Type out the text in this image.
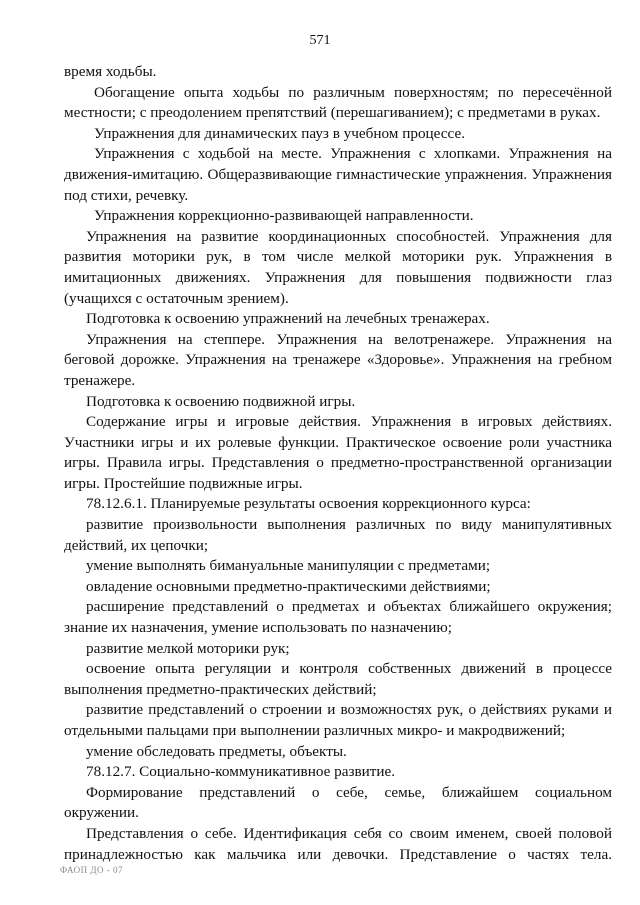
571

время ходьбы.

Обогащение опыта ходьбы по различным поверхностям; по пересечённой местности; с преодолением препятствий (перешагиванием); с предметами в руках.

Упражнения для динамических пауз в учебном процессе.

Упражнения с ходьбой на месте. Упражнения с хлопками. Упражнения на движения-имитацию. Общеразвивающие гимнастические упражнения. Упражнения под стихи, речевку.

Упражнения коррекционно-развивающей направленности.

Упражнения на развитие координационных способностей. Упражнения для развития моторики рук, в том числе мелкой моторики рук. Упражнения в имитационных движениях. Упражнения для повышения подвижности глаз (учащихся с остаточным зрением).

Подготовка к освоению упражнений на лечебных тренажерах.

Упражнения на степпере. Упражнения на велотренажере. Упражнения на беговой дорожке. Упражнения на тренажере «Здоровье». Упражнения на гребном тренажере.

Подготовка к освоению подвижной игры.

Содержание игры и игровые действия. Упражнения в игровых действиях. Участники игры и их ролевые функции. Практическое освоение роли участника игры. Правила игры. Представления о предметно-пространственной организации игры. Простейшие подвижные игры.

78.12.6.1. Планируемые результаты освоения коррекционного курса:

развитие произвольности выполнения различных по виду манипулятивных действий, их цепочки;

умение выполнять бимануальные манипуляции с предметами;

овладение основными предметно-практическими действиями;

расширение представлений о предметах и объектах ближайшего окружения; знание их назначения, умение использовать по назначению;

развитие мелкой моторики рук;

освоение опыта регуляции и контроля собственных движений в процессе выполнения предметно-практических действий;

развитие представлений о строении и возможностях рук, о действиях руками и отдельными пальцами при выполнении различных микро- и макродвижений;

умение обследовать предметы, объекты.

78.12.7. Социально-коммуникативное развитие.

Формирование представлений о себе, семье, ближайшем социальном окружении.

Представления о себе. Идентификация себя со своим именем, своей половой принадлежностью как мальчика или девочки. Представление о частях тела.

ФАОП ДО - 07
